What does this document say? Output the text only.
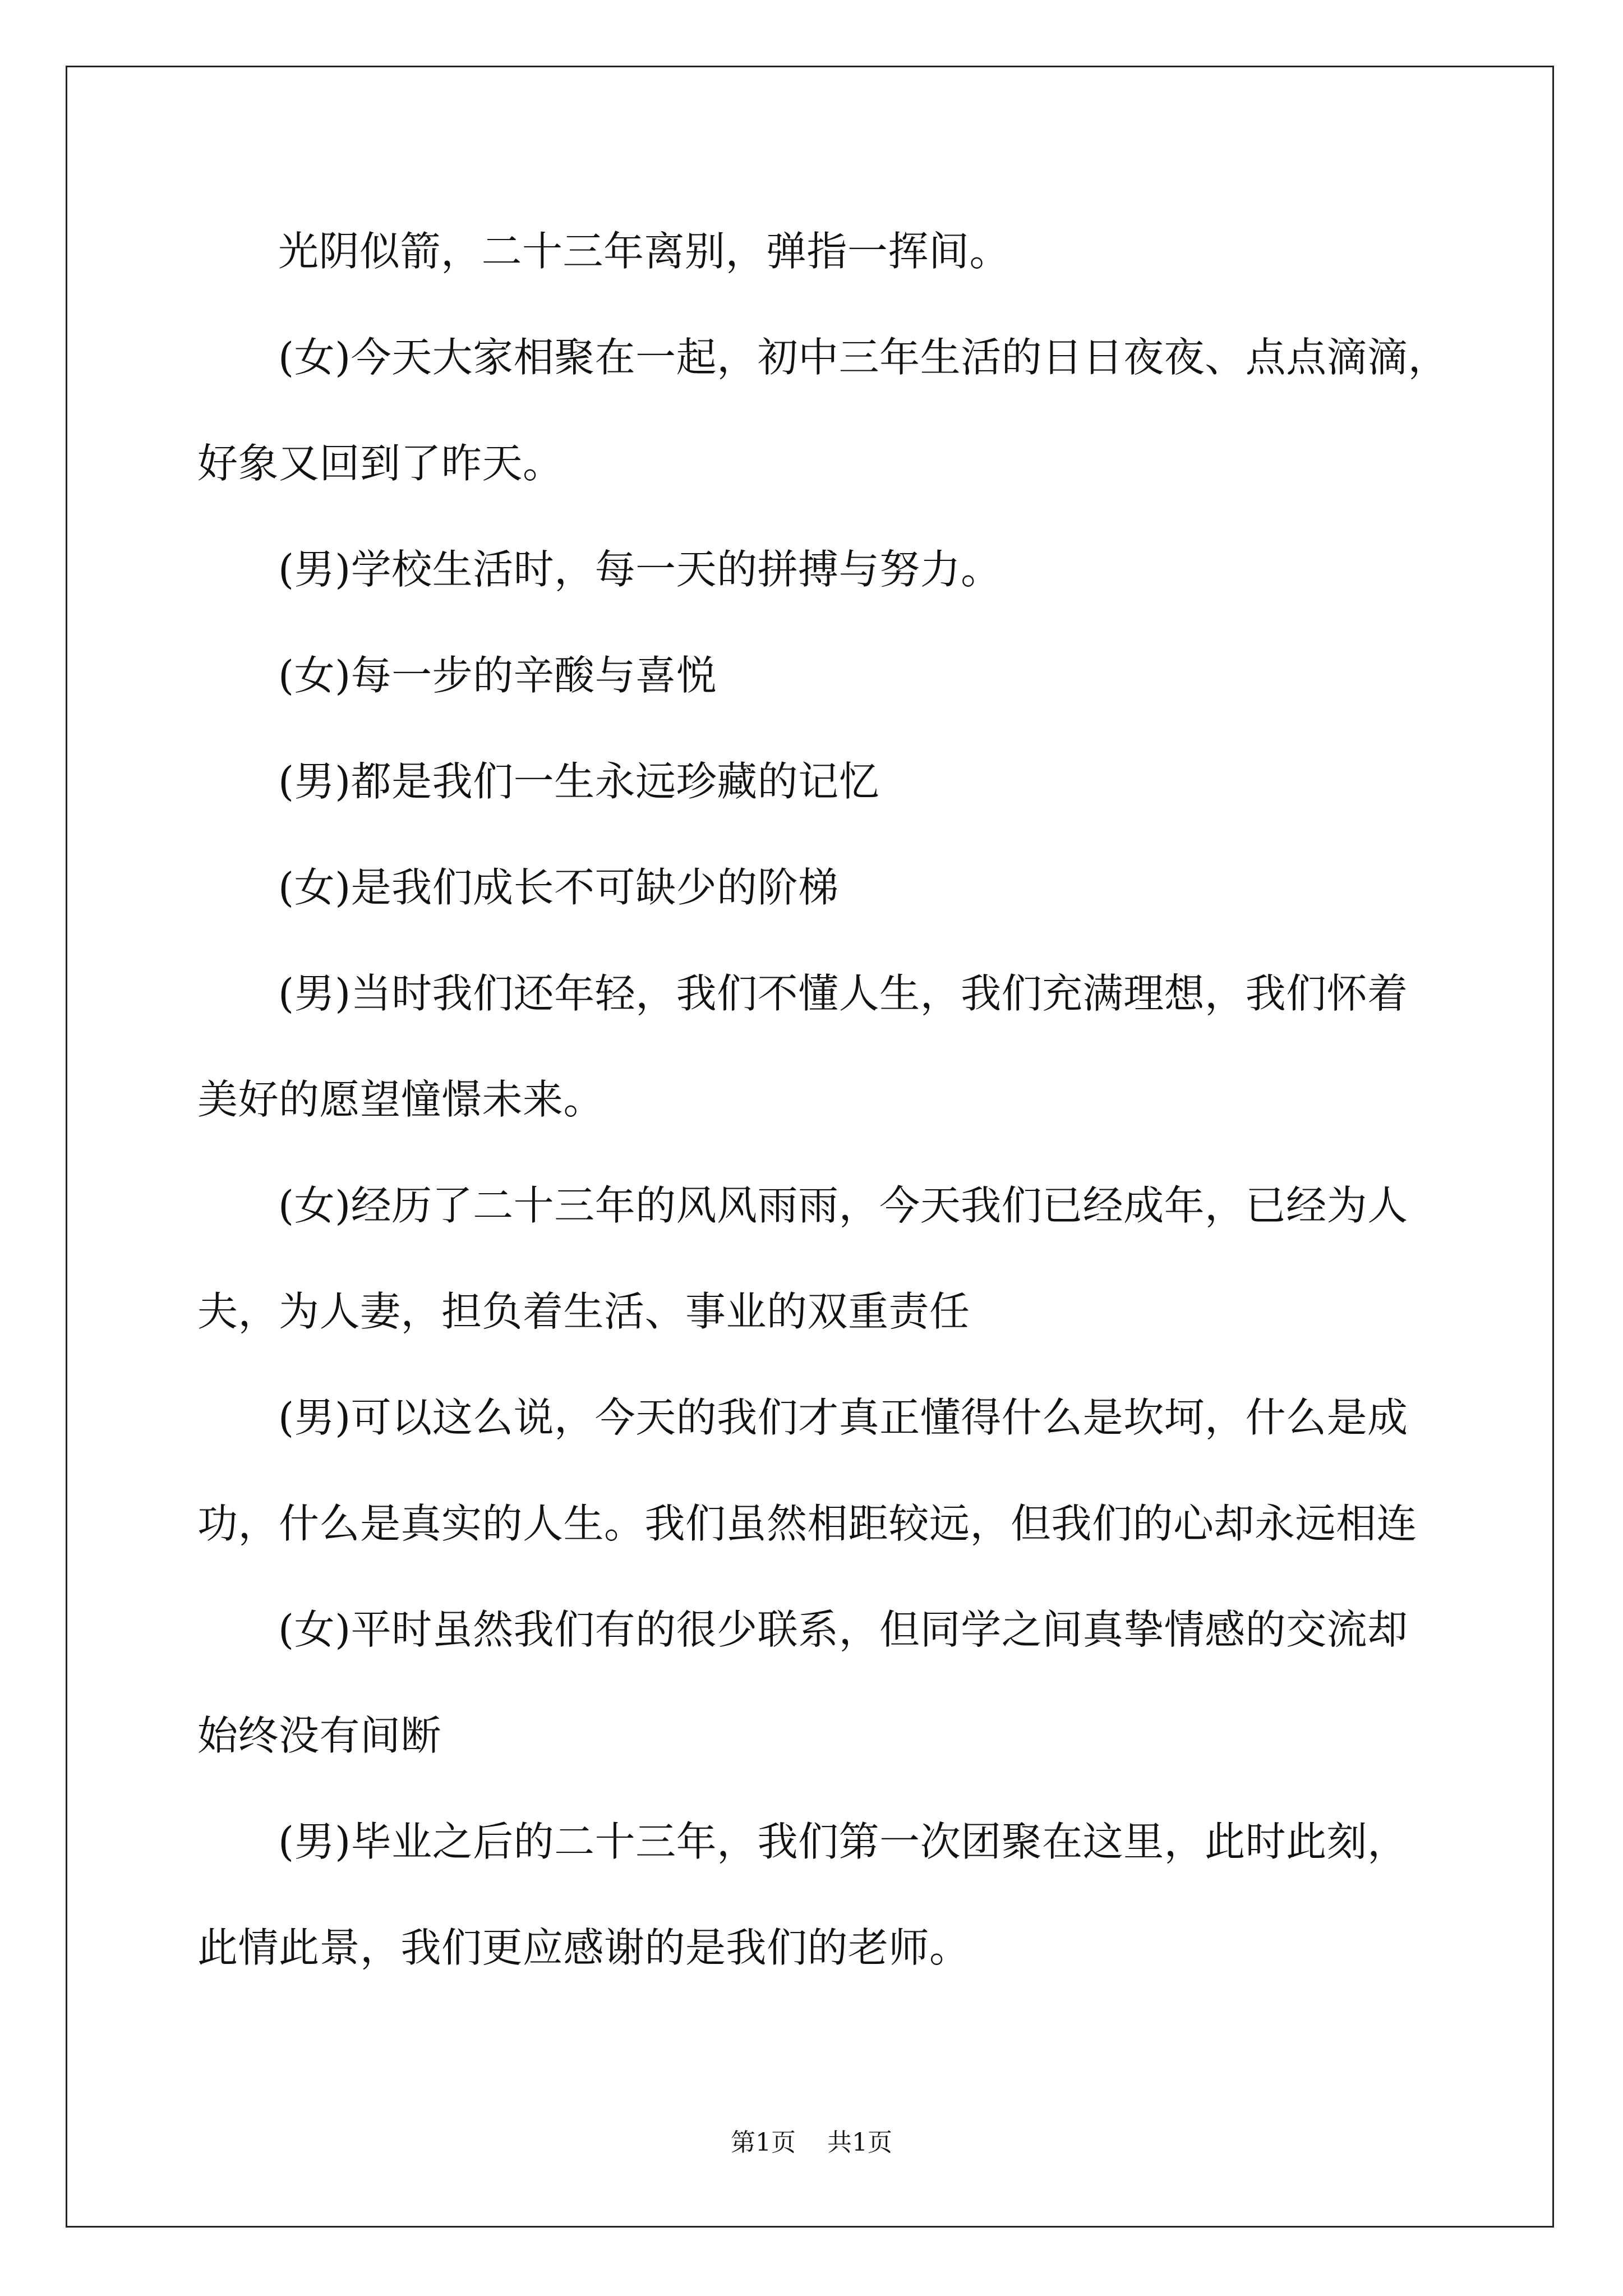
光阴似箭，二十三年离别，弹指一挥间。
(女)今天大家相聚在一起，初中三年生活的日日夜夜、点点滴滴，
好象又回到了昨天。
(男)学校生活时，每一天的拼搏与努力。
(女)每一步的辛酸与喜悦
(男)都是我们一生永远珍藏的记忆
(女)是我们成长不可缺少的阶梯
(男)当时我们还年轻，我们不懂人生，我们充满理想，我们怀着
美好的愿望憧憬未来。
(女)经历了二十三年的风风雨雨，今天我们已经成年，已经为人
夫，为人妻，担负着生活、事业的双重责任
(男)可以这么说，今天的我们才真正懂得什么是坎坷，什么是成
功，什么是真实的人生。我们虽然相距较远，但我们的心却永远相连
(女)平时虽然我们有的很少联系，但同学之间真挚情感的交流却
始终没有间断
(男)毕业之后的二十三年，我们第一次团聚在这里，此时此刻，
此情此景，我们更应感谢的是我们的老师。
第1页 共1页
